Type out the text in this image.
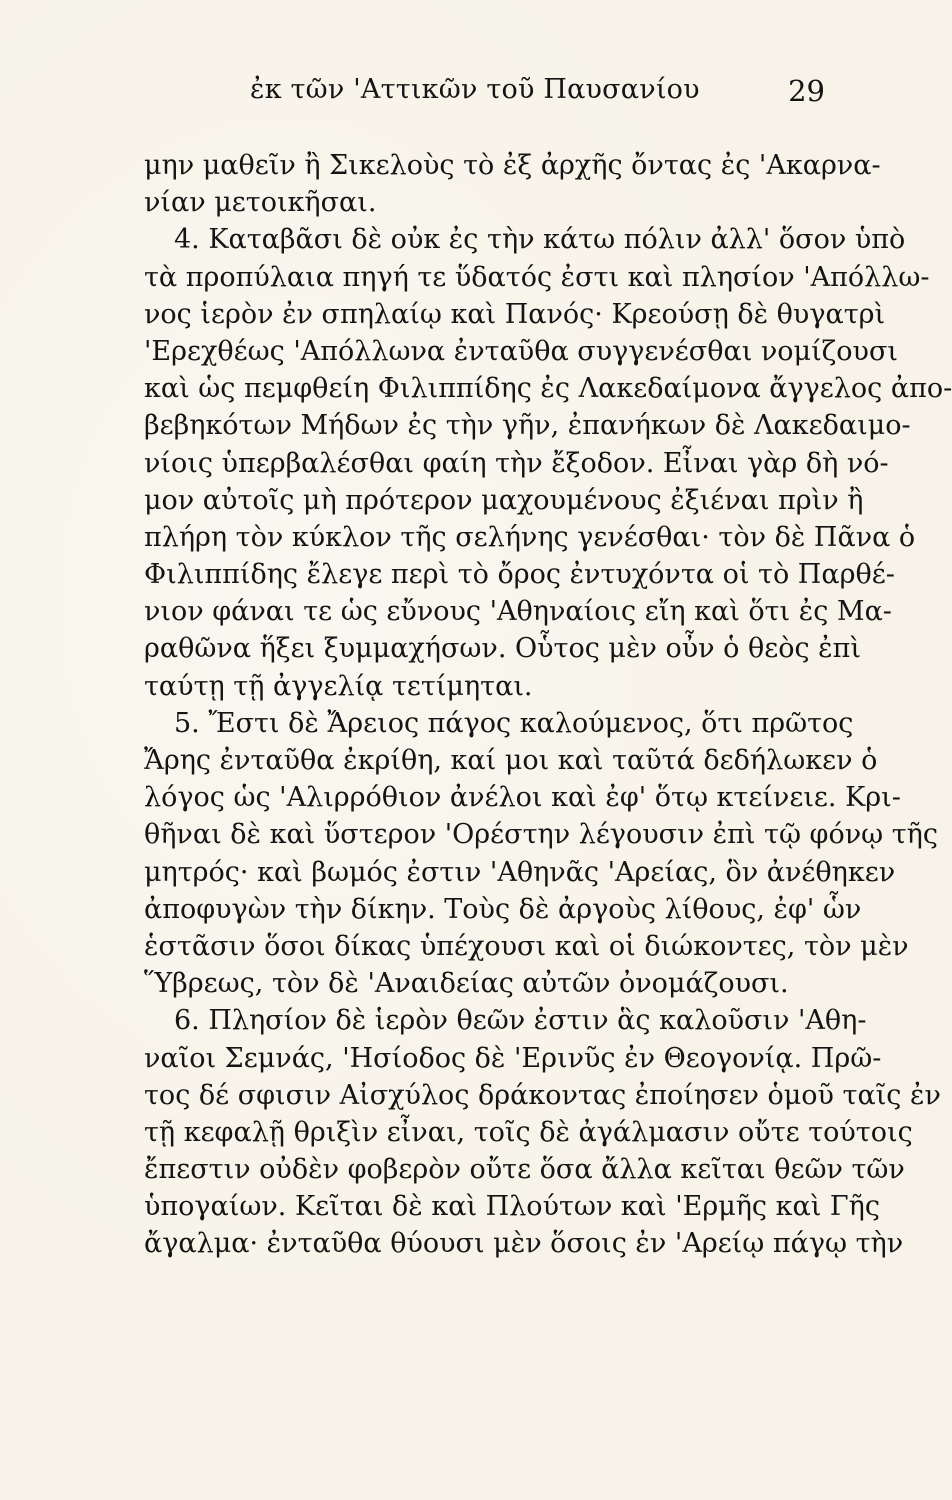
ἐκ τῶν 'Αττικῶν τοῦ Παυσανίου	29
μην μαθεῖν ἢ Σικελοὺς τὸ ἐξ ἀρχῆς ὄντας ἐς 'Ακαρνα-
νίαν μετοικῆσαι.
4. Καταβᾶσι δὲ οὐκ ἐς τὴν κάτω πόλιν ἀλλ' ὅσον ὑπὸ
τὰ προπύλαια πηγή τε ὕδατός ἐστι καὶ πλησίον 'Απόλλω-
νος ἱερὸν ἐν σπηλαίῳ καὶ Πανός· Κρεούσῃ δὲ θυγατρὶ
'Ερεχθέως 'Απόλλωνα ἐνταῦθα συγγενέσθαι νομίζουσι
καὶ ὡς πεμφθείη Φιλιππίδης ἐς Λακεδαίμονα ἄγγελος ἀπο-
βεβηκότων Μήδων ἐς τὴν γῆν, ἐπανήκων δὲ Λακεδαιμο-
νίοις ὑπερβαλέσθαι φαίη τὴν ἔξοδον. Εἶναι γὰρ δὴ νό-
μον αὐτοῖς μὴ πρότερον μαχουμένους ἐξιέναι πρὶν ἢ
πλήρη τὸν κύκλον τῆς σελήνης γενέσθαι· τὸν δὲ Πᾶνα ὁ
Φιλιππίδης ἔλεγε περὶ τὸ ὄρος ἐντυχόντα οἱ τὸ Παρθέ-
νιον φάναι τε ὡς εὔνους 'Αθηναίοις εἴη καὶ ὅτι ἐς Μα-
ραθῶνα ἥξει ξυμμαχήσων. Οὗτος μὲν οὖν ὁ θεὸς ἐπὶ
ταύτῃ τῇ ἀγγελίᾳ τετίμηται.
5. Ἔστι δὲ Ἄρειος πάγος καλούμενος, ὅτι πρῶτος
Ἄρης ἐνταῦθα ἐκρίθη, καί μοι καὶ ταῦτά δεδήλωκεν ὁ
λόγος ὡς 'Αλιρρόθιον ἀνέλοι καὶ ἐφ' ὅτῳ κτείνειε. Κρι-
θῆναι δὲ καὶ ὕστερον 'Ορέστην λέγουσιν ἐπὶ τῷ φόνῳ τῆς
μητρός· καὶ βωμός ἐστιν 'Αθηνᾶς 'Αρείας, ὃν ἀνέθηκεν
ἀποφυγὼν τὴν δίκην. Τοὺς δὲ ἀργοὺς λίθους, ἐφ' ὧν
ἑστᾶσιν ὅσοι δίκας ὑπέχουσι καὶ οἱ διώκοντες, τὸν μὲν
Ὕβρεως, τὸν δὲ 'Αναιδείας αὐτῶν ὀνομάζουσι.
6. Πλησίον δὲ ἱερὸν θεῶν ἐστιν ἃς καλοῦσιν 'Αθη-
ναῖοι Σεμνάς, 'Ησίοδος δὲ 'Ερινῦς ἐν Θεογονίᾳ. Πρῶ-
τος δέ σφισιν Αἰσχύλος δράκοντας ἐποίησεν ὁμοῦ ταῖς ἐν
τῇ κεφαλῇ θριξὶν εἶναι, τοῖς δὲ ἀγάλμασιν οὔτε τούτοις
ἔπεστιν οὐδὲν φοβερὸν οὔτε ὅσα ἄλλα κεῖται θεῶν τῶν
ὑπογαίων. Κεῖται δὲ καὶ Πλούτων καὶ 'Ερμῆς καὶ Γῆς
ἄγαλμα· ἐνταῦθα θύουσι μὲν ὅσοις ἐν 'Αρείῳ πάγῳ τὴν
